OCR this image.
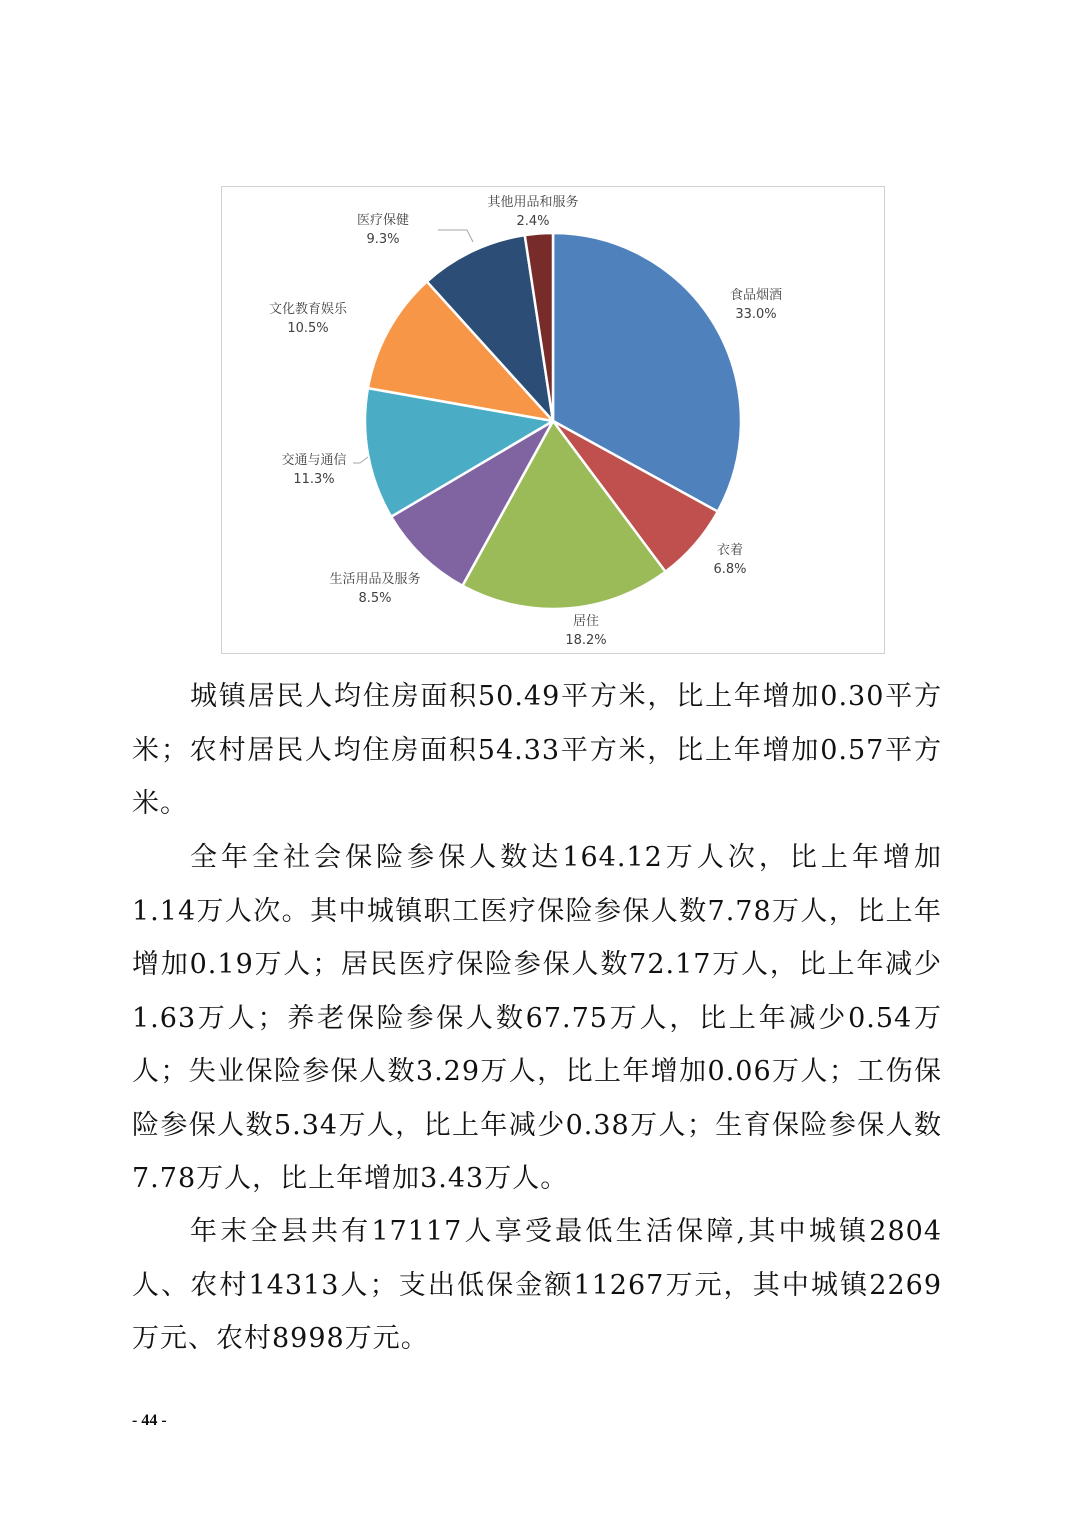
食品烟酒
33.0%
衣着
6.8%
居住
18.2%
生活用品及服务
8.5%
交通与通信
11.3%
文化教育娱乐
10.5%
医疗保健
9.3%
其他用品和服务
2.4%

城镇居民人均住房面积50.49平方米，比上年增加0.30平方米；农村居民人均住房面积54.33平方米，比上年增加0.57平方米。

全年全社会保险参保人数达164.12万人次，比上年增加1.14万人次。其中城镇职工医疗保险参保人数7.78万人，比上年增加0.19万人；居民医疗保险参保人数72.17万人，比上年减少1.63万人；养老保险参保人数67.75万人，比上年减少0.54万人；失业保险参保人数3.29万人，比上年增加0.06万人；工伤保险参保人数5.34万人，比上年减少0.38万人；生育保险参保人数7.78万人，比上年增加3.43万人。

年末全县共有17117人享受最低生活保障,其中城镇2804人、农村14313人；支出低保金额11267万元，其中城镇2269万元、农村8998万元。

- 44 -
